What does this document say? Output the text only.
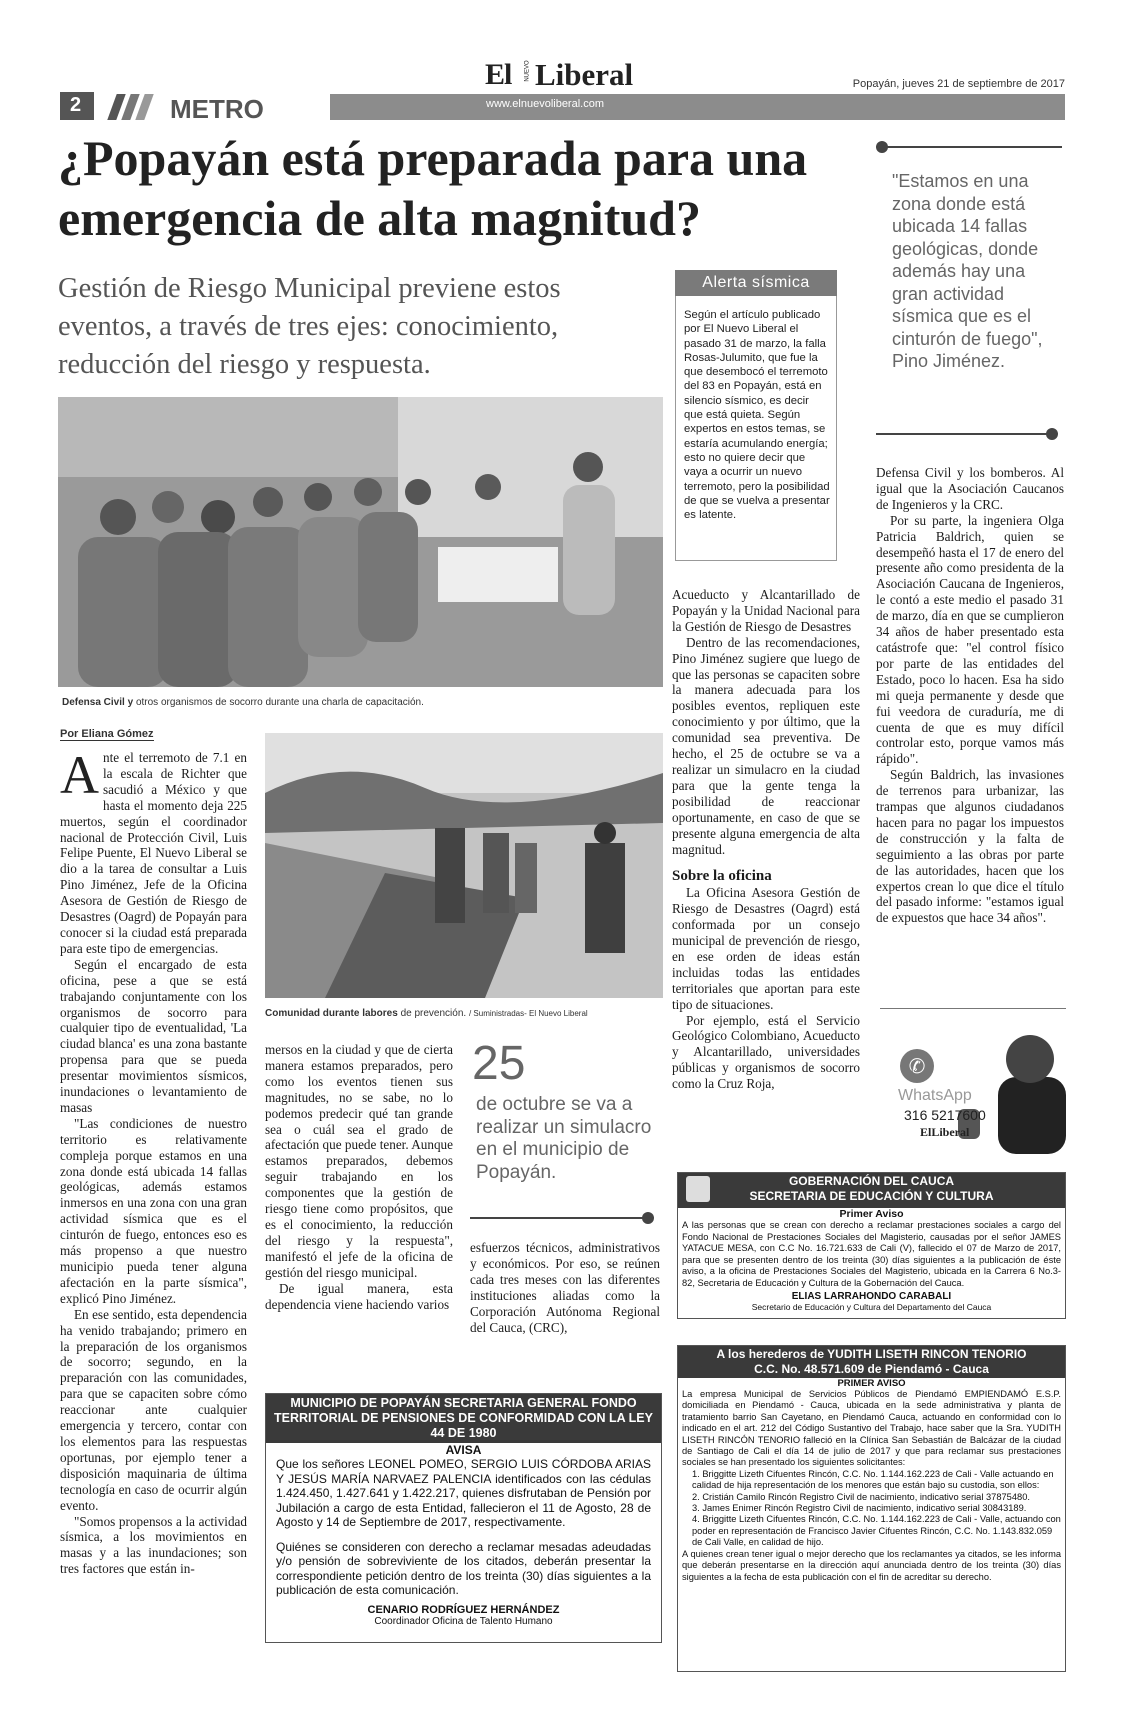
El NUEVO Liberal	Popayán, jueves 21 de septiembre de 2017
www.elnuevoliberal.com
2	METRO
¿Popayán está preparada para una
emergencia de alta magnitud?
Gestión de Riesgo Municipal previene estos
eventos, a través de tres ejes: conocimiento,
reducción del riesgo y respuesta.
Defensa Civil y otros organismos de socorro durante una charla de capacitación.
Por Eliana Gómez

A nte el terremoto de 7.1 en la escala de Richter que sacudió a México y que hasta el momento deja 225 muertos, según el coordinador nacional de Protección Civil, Luis Felipe Puente, El Nuevo Liberal se dio a la tarea de consultar a Luis Pino Jiménez, Jefe de la Oficina Asesora de Gestión de Riesgo de Desastres (Oagrd) de Popayán para conocer si la ciudad está preparada para este tipo de emergencias.

Según el encargado de esta oficina, pese a que se está trabajando conjuntamente con los organismos de socorro para cualquier tipo de eventualidad, 'La ciudad blanca' es una zona bastante propensa para que se pueda presentar movimientos sísmicos, inundaciones o levantamiento de masas

"Las condiciones de nuestro territorio es relativamente compleja porque estamos en una zona donde está ubicada 14 fallas geológicas, además estamos inmersos en una zona con una gran actividad sísmica que es el cinturón de fuego, entonces eso es más propenso a que nuestro municipio pueda tener alguna afectación en la parte sísmica", explicó Pino Jiménez.

En ese sentido, esta dependencia ha venido trabajando; primero en la preparación de los organismos de socorro; segundo, en la preparación con las comunidades, para que se capaciten sobre cómo reaccionar ante cualquier emergencia y tercero, contar con los elementos para las respuestas oportunas, por ejemplo tener a disposición maquinaria de última tecnología en caso de ocurrir algún evento.

"Somos propensos a la actividad sísmica, a los movimientos en masas y a las inundaciones; son tres factores que están in-

Comunidad durante labores de prevención. / Suministradas- El Nuevo Liberal

mersos en la ciudad y que de cierta manera estamos preparados, pero como los eventos tienen sus magnitudes, no se sabe, no lo podemos predecir qué tan grande sea o cuál sea el grado de afectación que puede tener. Aunque estamos preparados, debemos seguir trabajando en los componentes que la gestión de riesgo tiene como propósitos, que es el conocimiento, la reducción del riesgo y la respuesta", manifestó el jefe de la oficina de gestión del riesgo municipal.

De igual manera, esta dependencia viene haciendo varios

25
de octubre se va a realizar un simulacro en el municipio de Popayán.

esfuerzos técnicos, administrativos y económicos. Por eso, se reúnen cada tres meses con las diferentes instituciones aliadas como la Corporación Autónoma Regional del Cauca, (CRC),

Alerta sísmica
Según el artículo publicado por El Nuevo Liberal el pasado 31 de marzo, la falla Rosas-Julumito, que fue la que desembocó el terremoto del 83 en Popayán, está en silencio sísmico, es decir que está quieta. Según expertos en estos temas, se estaría acumulando energía; esto no quiere decir que vaya a ocurrir un nuevo terremoto, pero la posibilidad de que se vuelva a presentar es latente.

Acueducto y Alcantarillado de Popayán y la Unidad Nacional para la Gestión de Riesgo de Desastres

Dentro de las recomendaciones, Pino Jiménez sugiere que luego de que las personas se capaciten sobre la manera adecuada para los posibles eventos, repliquen este conocimiento y por último, que la comunidad sea preventiva. De hecho, el 25 de octubre se va a realizar un simulacro en la ciudad para que la gente tenga la posibilidad de reaccionar oportunamente, en caso de que se presente alguna emergencia de alta magnitud.

Sobre la oficina

La Oficina Asesora Gestión de Riesgo de Desastres (Oagrd) está conformada por un consejo municipal de prevención de riesgo, en ese orden de ideas están incluidas todas las entidades territoriales que aportan para este tipo de situaciones.

Por ejemplo, está el Servicio Geológico Colombiano, Acueducto y Alcantarillado, universidades públicas y organismos de socorro como la Cruz Roja,

"Estamos en una zona donde está ubicada 14 fallas geológicas, donde además hay una gran actividad sísmica que es el cinturón de fuego", Pino Jiménez.

Defensa Civil y los bomberos. Al igual que la Asociación Caucanos de Ingenieros y la CRC.

Por su parte, la ingeniera Olga Patricia Baldrich, quien se desempeñó hasta el 17 de enero del presente año como presidenta de la Asociación Caucana de Ingenieros, le contó a este medio el pasado 31 de marzo, día en que se cumplieron 34 años de haber presentado esta catástrofe que: "el control físico por parte de las entidades del Estado, poco lo hacen. Esa ha sido mi queja permanente y desde que fui veedora de curaduría, me di cuenta de que es muy difícil controlar esto, porque vamos más rápido".

Según Baldrich, las invasiones de terrenos para urbanizar, las trampas que algunos ciudadanos hacen para no pagar los impuestos de construcción y la falta de seguimiento a las obras por parte de las autoridades, hacen que los expertos crean lo que dice el título del pasado informe: "estamos igual de expuestos que hace 34 años".

✆
WhatsApp
316 5217600
ElLiberal
GOBERNACIÓN DEL CAUCA
SECRETARIA DE EDUCACIÓN Y CULTURA
Primer Aviso
A las personas que se crean con derecho a reclamar prestaciones sociales a cargo del Fondo Nacional de Prestaciones Sociales del Magisterio, causadas por el señor JAMES YATACUE MESA, con C.C No. 16.721.633 de Cali (V), fallecido el 07 de Marzo de 2017, para que se presenten dentro de los treinta (30) días siguientes a la publicación de éste aviso, a la oficina de Prestaciones Sociales del Magisterio, ubicada en la Carrera 6 No.3-82, Secretaria de Educación y Cultura de la Gobernación del Cauca.
ELIAS LARRAHONDO CARABALI
Secretario de Educación y Cultura del Departamento del Cauca
MUNICIPIO DE POPAYÁN SECRETARIA GENERAL FONDO TERRITORIAL DE PENSIONES DE CONFORMIDAD CON LA LEY 44 DE 1980
AVISA
Que los señores LEONEL POMEO, SERGIO LUIS CÓRDOBA ARIAS Y JESÚS MARÍA NARVAEZ PALENCIA identificados con las cédulas 1.424.450, 1.427.641 y 1.422.217, quienes disfrutaban de Pensión por Jubilación a cargo de esta Entidad, fallecieron el 11 de Agosto, 28 de Agosto y 14 de Septiembre de 2017, respectivamente.
Quiénes se consideren con derecho a reclamar mesadas adeudadas y/o pensión de sobreviviente de los citados, deberán presentar la correspondiente petición dentro de los treinta (30) días siguientes a la publicación de esta comunicación.
CENARIO RODRÍGUEZ HERNÁNDEZ
Coordinador Oficina de Talento Humano
A los herederos de YUDITH LISETH RINCON TENORIO
C.C. No. 48.571.609 de Piendamó - Cauca
PRIMER AVISO
La empresa Municipal de Servicios Públicos de Piendamó EMPIENDAMÓ E.S.P. domiciliada en Piendamó - Cauca, ubicada en la sede administrativa y planta de tratamiento barrio San Cayetano, en Piendamó Cauca, actuando en conformidad con lo indicado en el art. 212 del Código Sustantivo del Trabajo, hace saber que la Sra. YUDITH LISETH RINCÓN TENORIO falleció en la Clínica San Sebastián de Balcázar de la ciudad de Santiago de Cali el día 14 de julio de 2017 y que para reclamar sus prestaciones sociales se han presentado los siguientes solicitantes:
1. Briggitte Lizeth Cifuentes Rincón, C.C. No. 1.144.162.223 de Cali - Valle actuando en calidad de hija representación de los menores que están bajo su custodia, son ellos:
2. Cristián Camilo Rincón Registro Civil de nacimiento, indicativo serial 37875480.
3. James Enimer Rincón Registro Civil de nacimiento, indicativo serial 30843189.
4. Briggitte Lizeth Cifuentes Rincón, C.C. No. 1.144.162.223 de Cali - Valle, actuando con poder en representación de Francisco Javier Cifuentes Rincón, C.C. No. 1.143.832.059 de Cali Valle, en calidad de hijo.
A quienes crean tener igual o mejor derecho que los reclamantes ya citados, se les informa que deberán presentarse en la dirección aquí anunciada dentro de los treinta (30) días siguientes a la fecha de esta publicación con el fin de acreditar su derecho.
